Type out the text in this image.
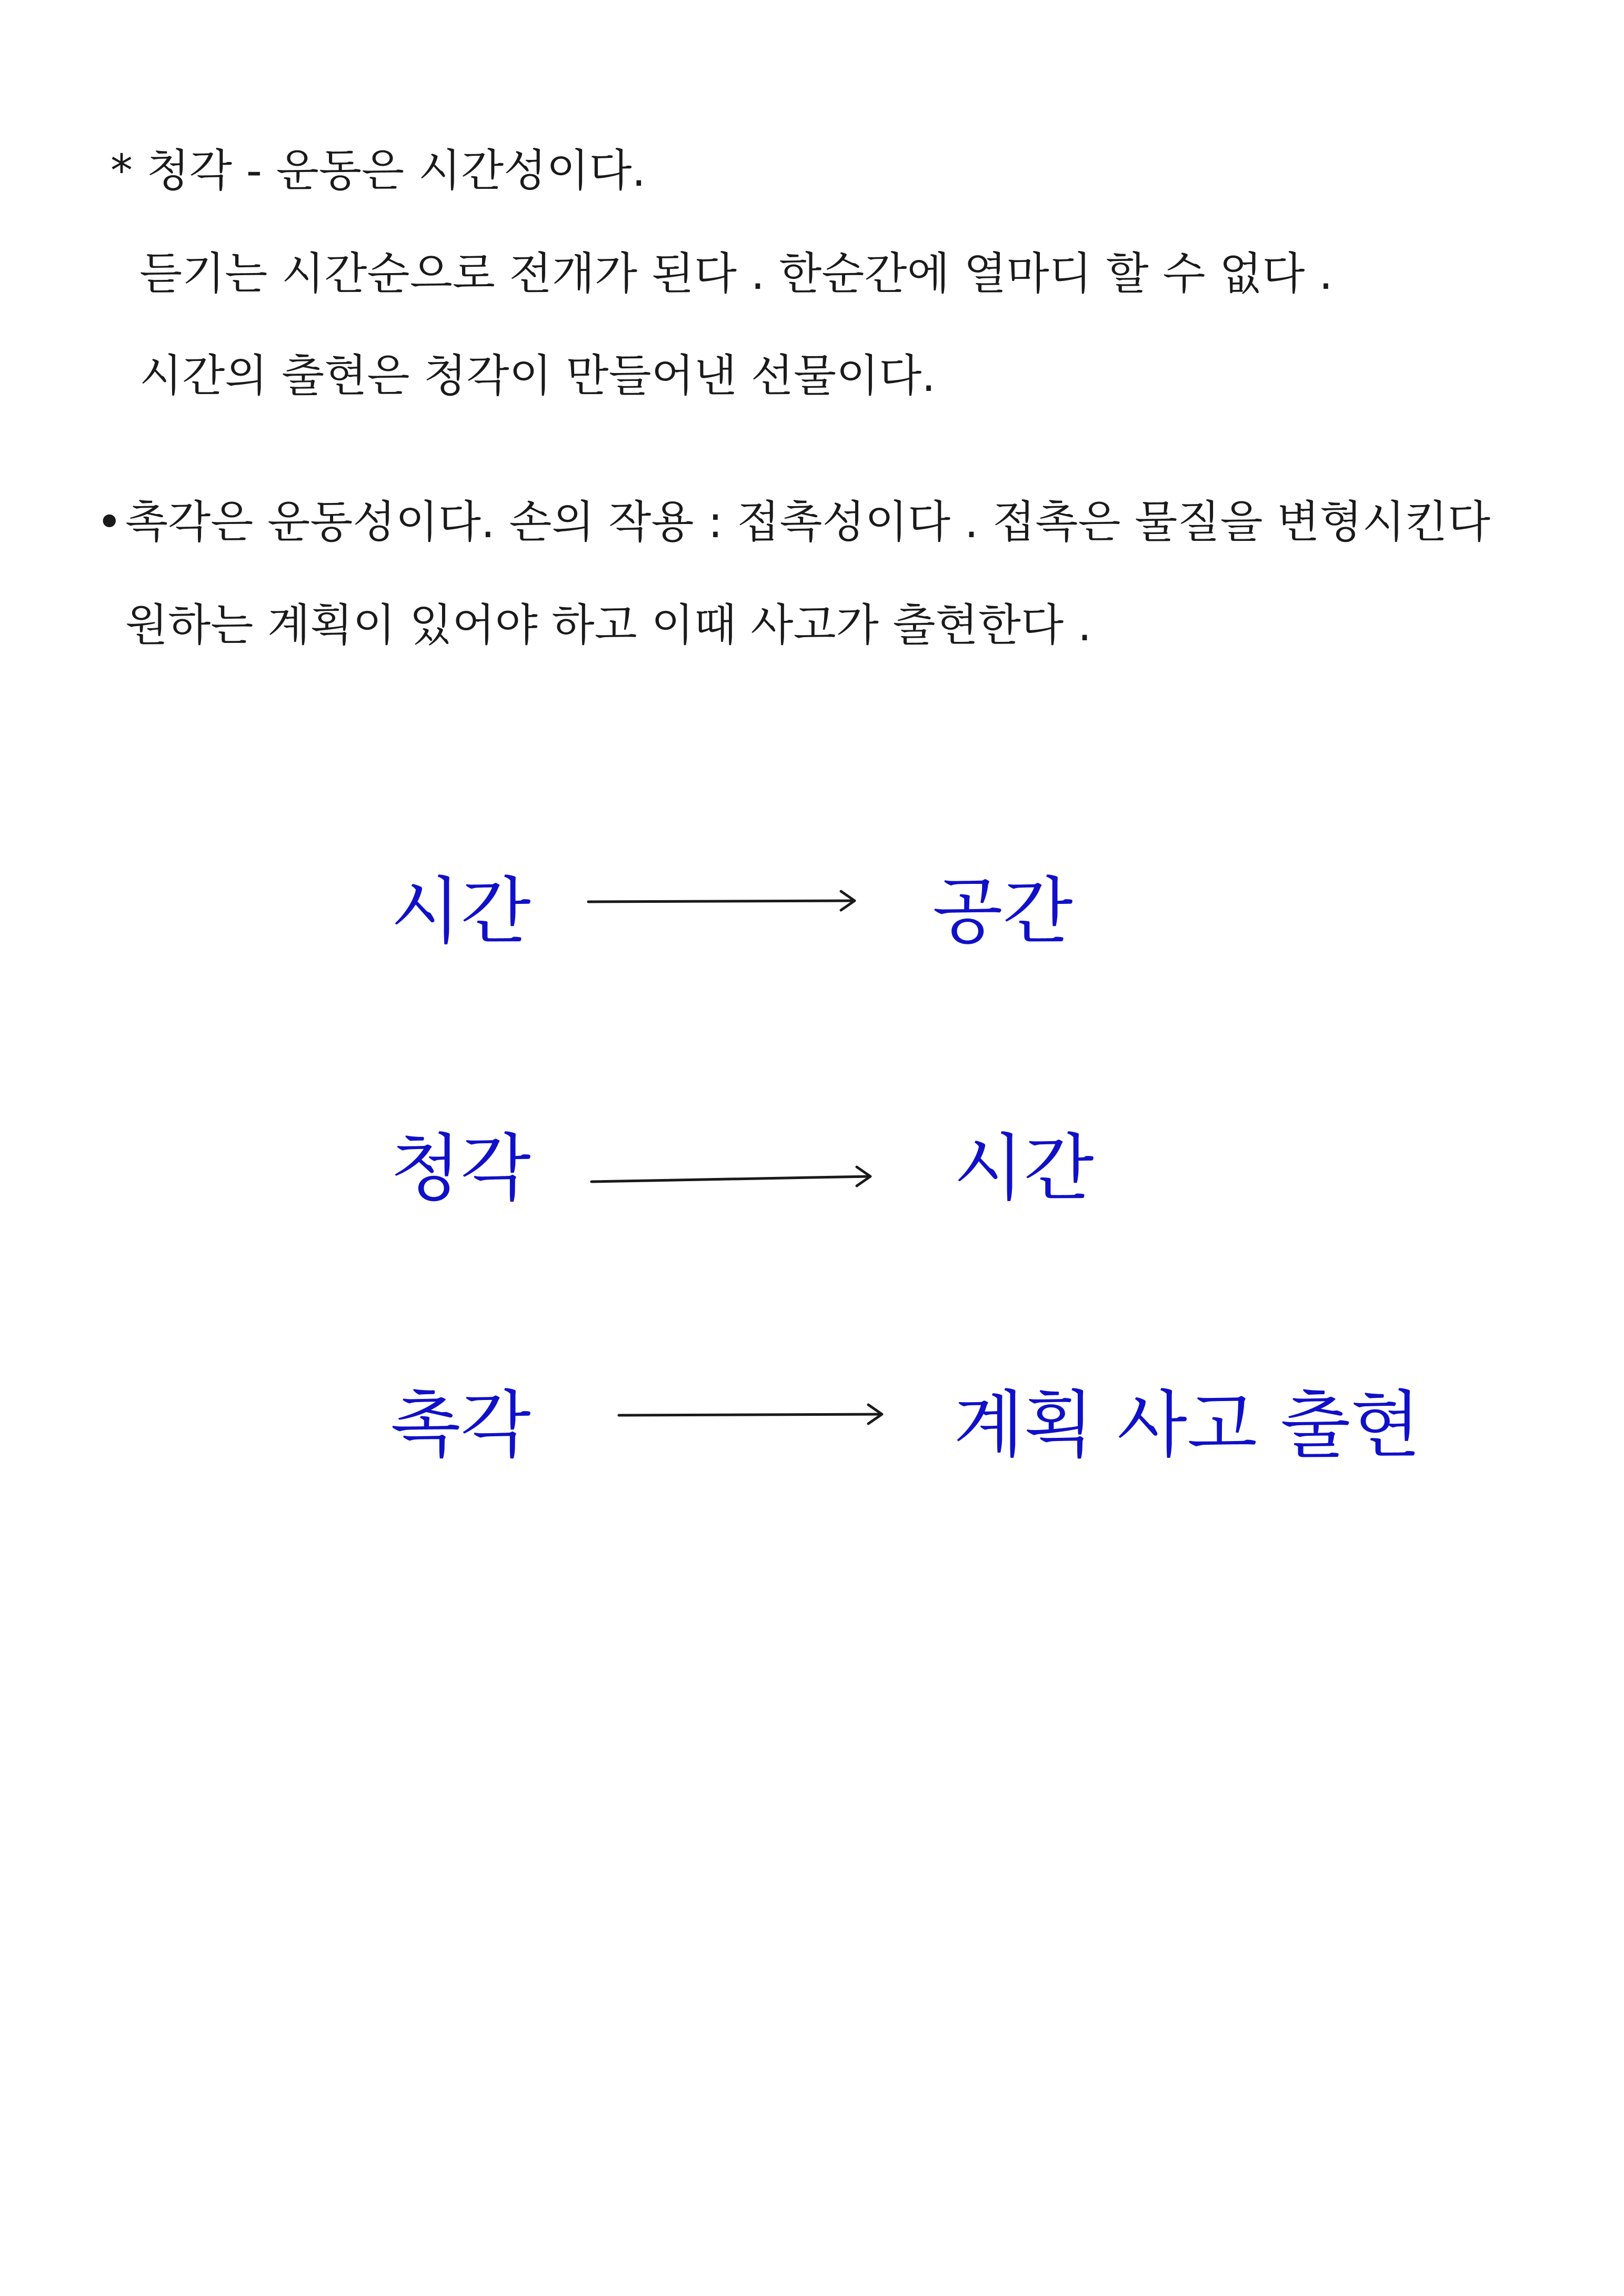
* 청각 - 운동은 시간성이다.
듣기는 시간순으로 전개가 된다 . 한순간에 열마디 할 수 없다 .
시간의 출현은 청각이 만들어낸 선물이다.
• 촉각은 운동성이다. 손의 작용 : 접촉성이다 . 접촉은 물질을 변형시킨다
원하는 계획이 있어야 하고 이때 사고가 출현한다 .
시간	공간
청각	시간
촉각	계획 사고 출현
